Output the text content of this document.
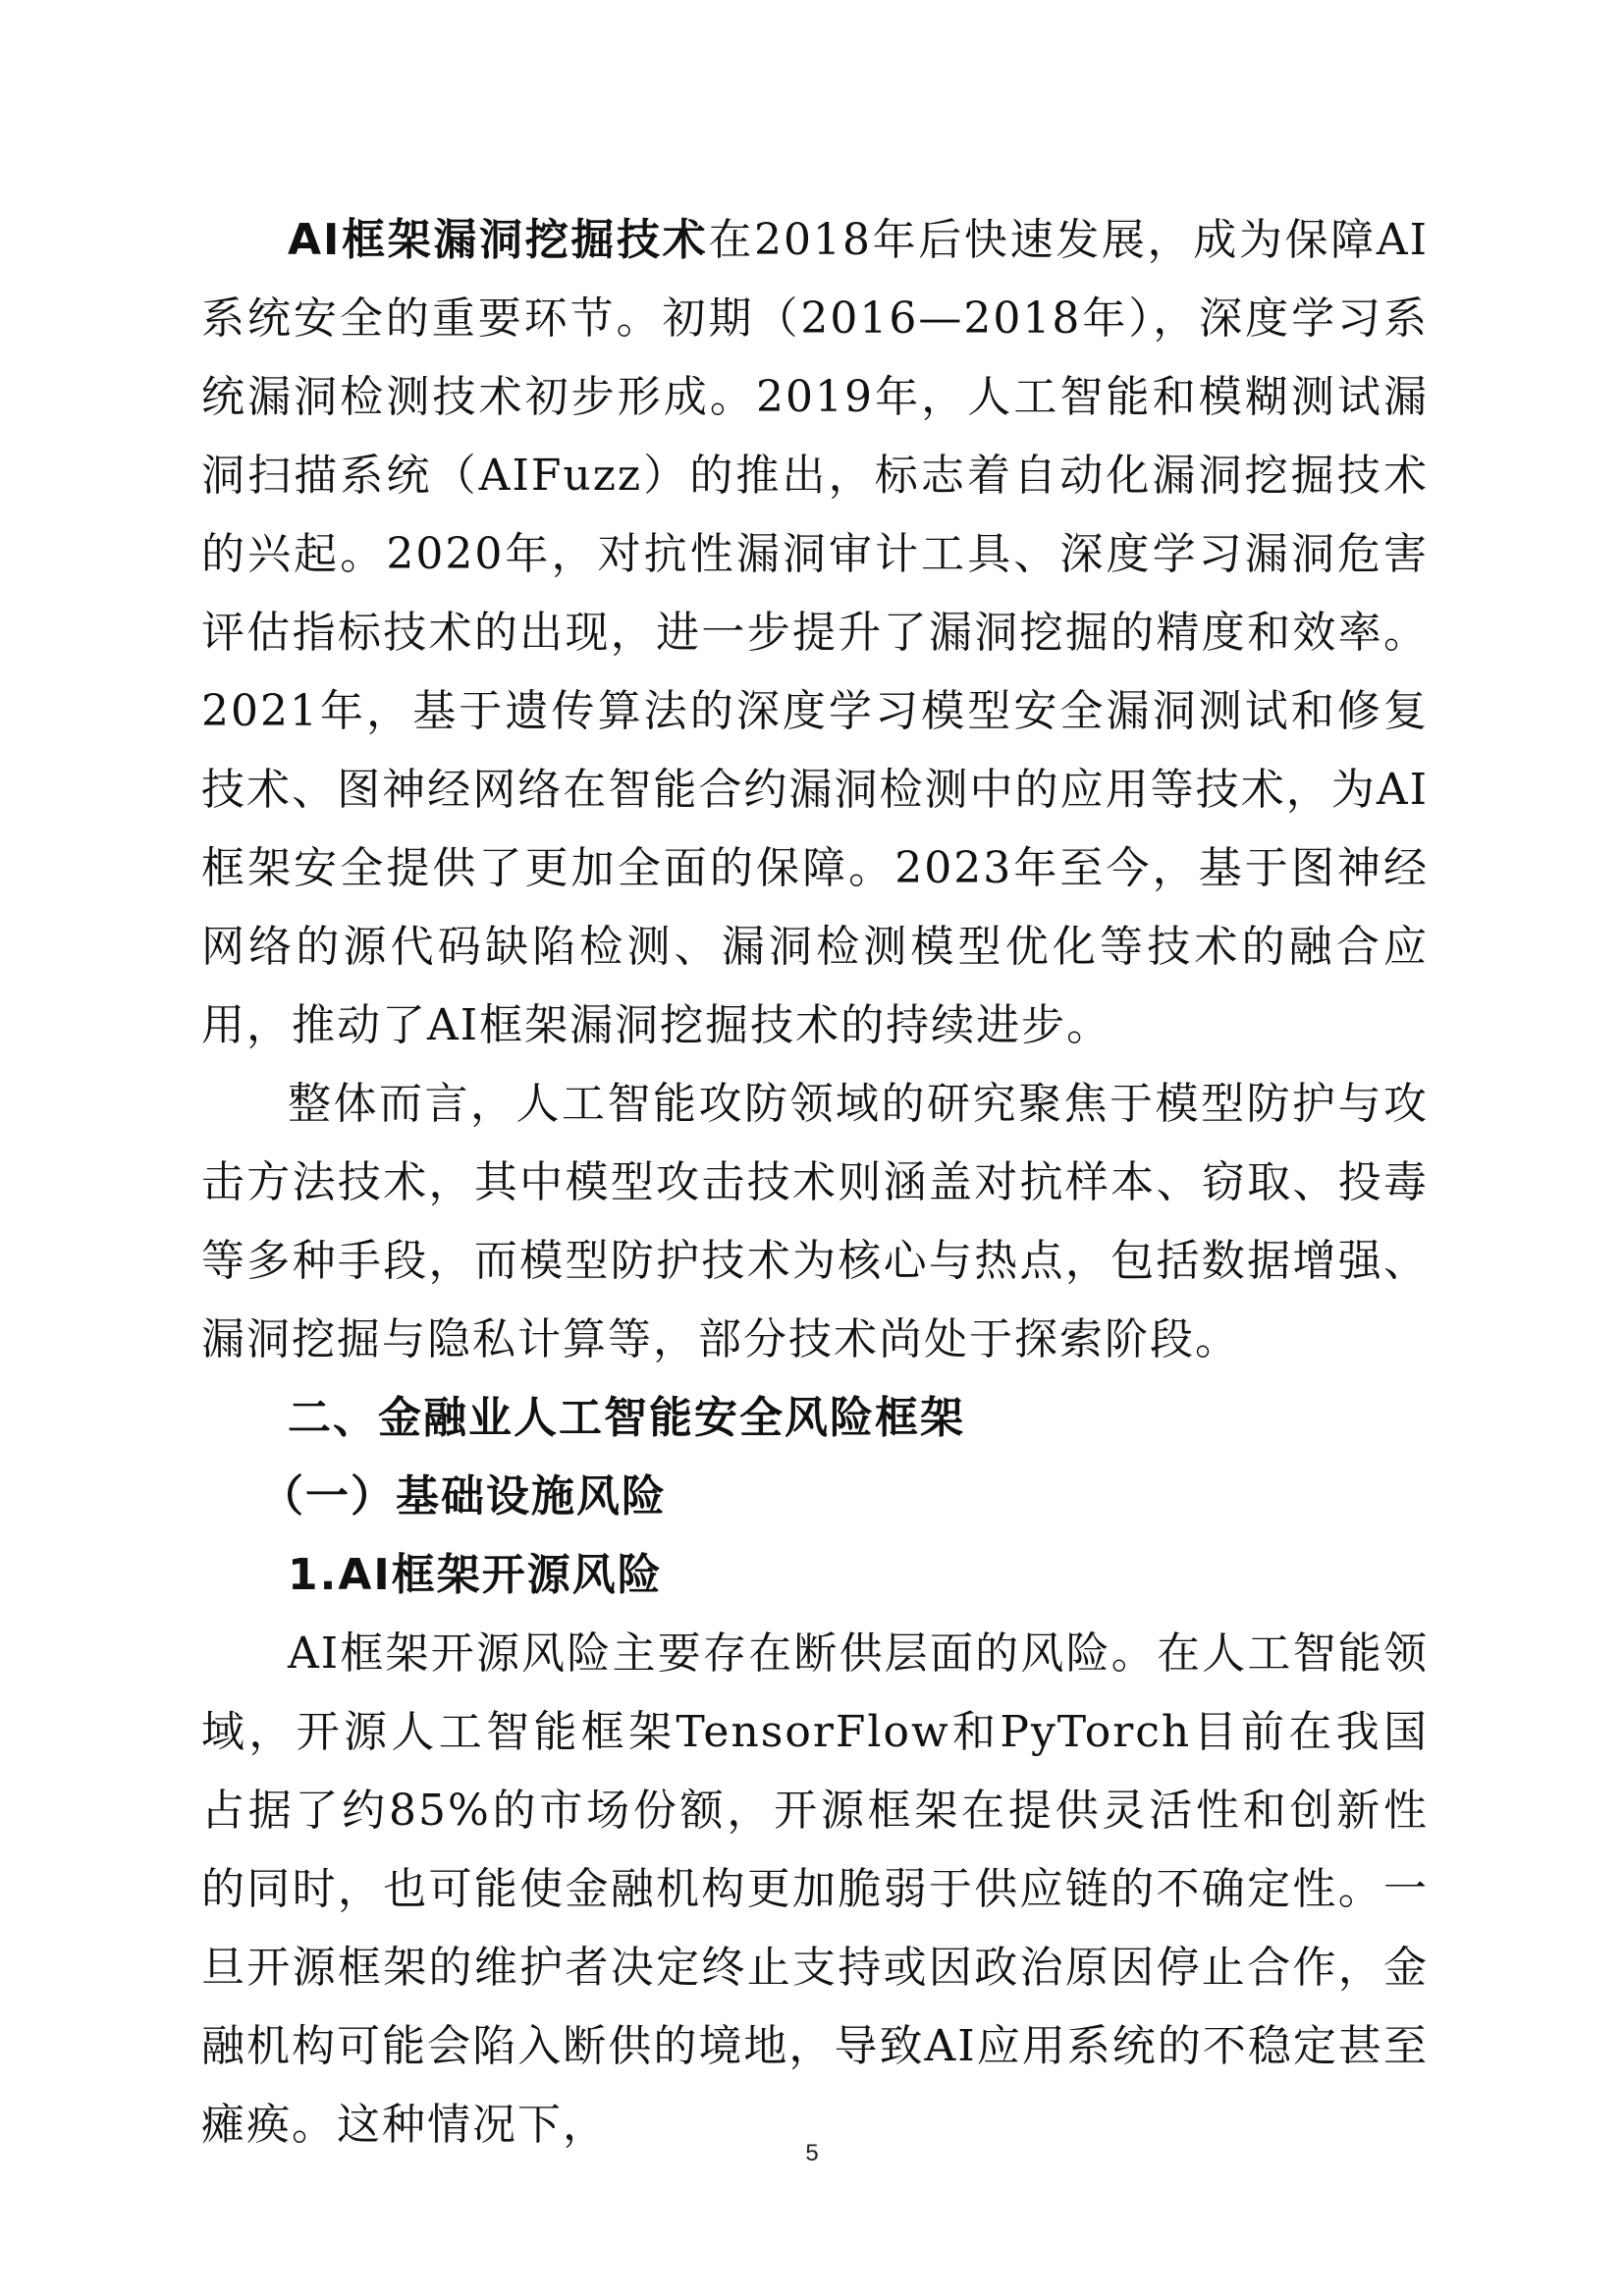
AI框架漏洞挖掘技术在2018年后快速发展，成为保障AI系统安全的重要环节。初期（2016—2018年），深度学习系统漏洞检测技术初步形成。2019年，人工智能和模糊测试漏洞扫描系统（AIFuzz）的推出，标志着自动化漏洞挖掘技术的兴起。2020年，对抗性漏洞审计工具、深度学习漏洞危害评估指标技术的出现，进一步提升了漏洞挖掘的精度和效率。2021年，基于遗传算法的深度学习模型安全漏洞测试和修复技术、图神经网络在智能合约漏洞检测中的应用等技术，为AI框架安全提供了更加全面的保障。2023年至今，基于图神经网络的源代码缺陷检测、漏洞检测模型优化等技术的融合应用，推动了AI框架漏洞挖掘技术的持续进步。

整体而言，人工智能攻防领域的研究聚焦于模型防护与攻击方法技术，其中模型攻击技术则涵盖对抗样本、窃取、投毒等多种手段，而模型防护技术为核心与热点，包括数据增强、漏洞挖掘与隐私计算等，部分技术尚处于探索阶段。

二、金融业人工智能安全风险框架

（一）基础设施风险

1.AI框架开源风险

AI框架开源风险主要存在断供层面的风险。在人工智能领域，开源人工智能框架TensorFlow和PyTorch目前在我国占据了约85%的市场份额，开源框架在提供灵活性和创新性的同时，也可能使金融机构更加脆弱于供应链的不确定性。一旦开源框架的维护者决定终止支持或因政治原因停止合作，金融机构可能会陷入断供的境地，导致AI应用系统的不稳定甚至瘫痪。这种情况下，

5
